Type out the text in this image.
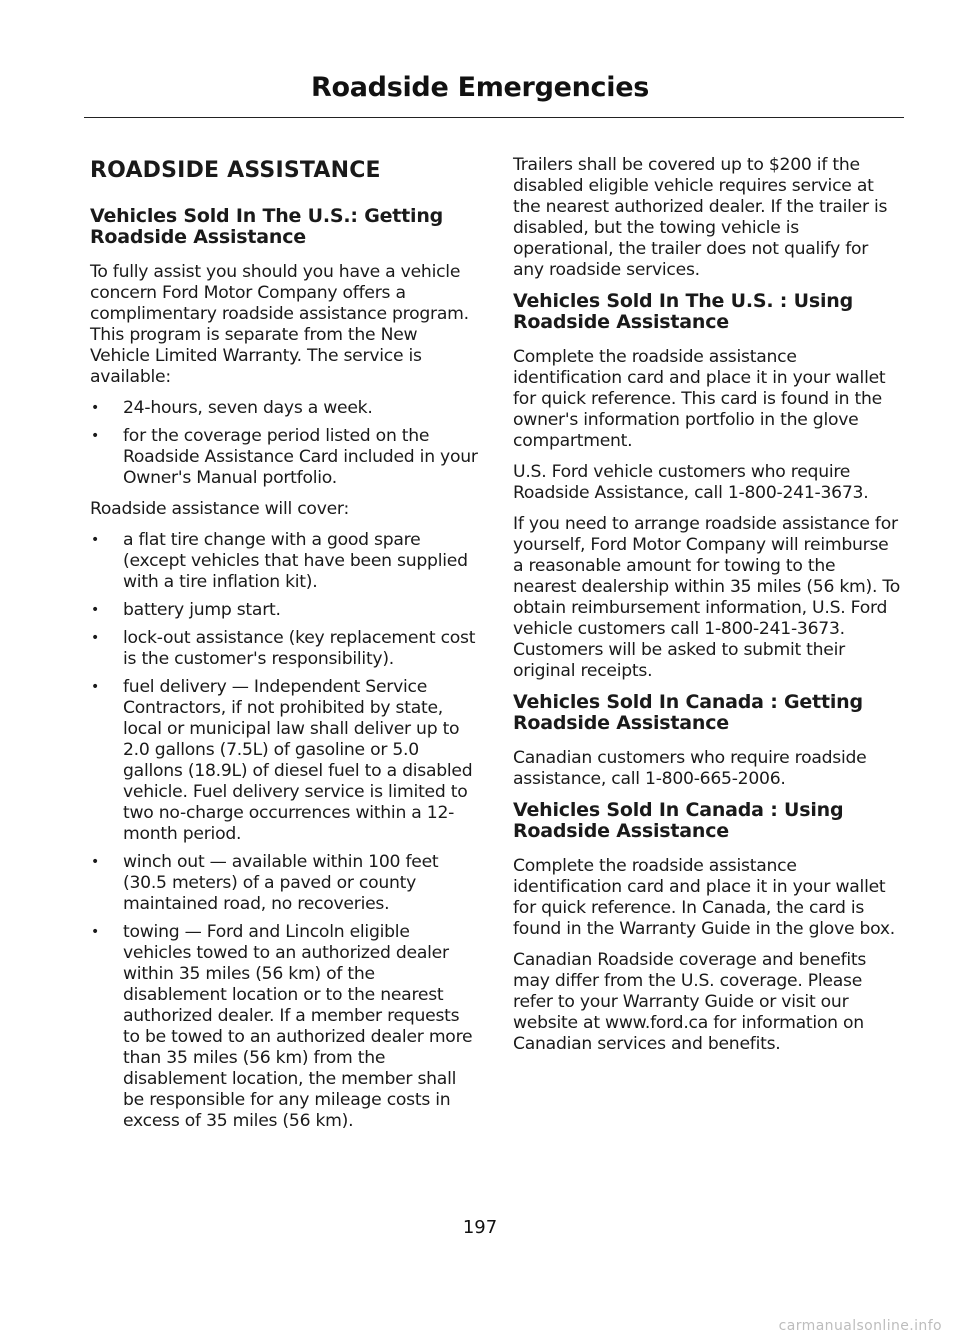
Roadside Emergencies
ROADSIDE ASSISTANCE
Vehicles Sold In The U.S.: Getting Roadside Assistance

To fully assist you should you have a vehicle concern Ford Motor Company offers a complimentary roadside assistance program. This program is separate from the New Vehicle Limited Warranty. The service is available:

• 24-hours, seven days a week.
• for the coverage period listed on the Roadside Assistance Card included in your Owner's Manual portfolio.

Roadside assistance will cover:

• a flat tire change with a good spare (except vehicles that have been supplied with a tire inflation kit).
• battery jump start.
• lock-out assistance (key replacement cost is the customer's responsibility).
• fuel delivery — Independent Service Contractors, if not prohibited by state, local or municipal law shall deliver up to 2.0 gallons (7.5L) of gasoline or 5.0 gallons (18.9L) of diesel fuel to a disabled vehicle. Fuel delivery service is limited to two no-charge occurrences within a 12-month period.
• winch out — available within 100 feet (30.5 meters) of a paved or county maintained road, no recoveries.
• towing — Ford and Lincoln eligible vehicles towed to an authorized dealer within 35 miles (56 km) of the disablement location or to the nearest authorized dealer. If a member requests to be towed to an authorized dealer more than 35 miles (56 km) from the disablement location, the member shall be responsible for any mileage costs in excess of 35 miles (56 km).

Trailers shall be covered up to $200 if the disabled eligible vehicle requires service at the nearest authorized dealer. If the trailer is disabled, but the towing vehicle is operational, the trailer does not qualify for any roadside services.

Vehicles Sold In The U.S. : Using Roadside Assistance

Complete the roadside assistance identification card and place it in your wallet for quick reference. This card is found in the owner's information portfolio in the glove compartment.

U.S. Ford vehicle customers who require Roadside Assistance, call 1-800-241-3673.

If you need to arrange roadside assistance for yourself, Ford Motor Company will reimburse a reasonable amount for towing to the nearest dealership within 35 miles (56 km). To obtain reimbursement information, U.S. Ford vehicle customers call 1-800-241-3673. Customers will be asked to submit their original receipts.

Vehicles Sold In Canada : Getting Roadside Assistance

Canadian customers who require roadside assistance, call 1-800-665-2006.

Vehicles Sold In Canada : Using Roadside Assistance

Complete the roadside assistance identification card and place it in your wallet for quick reference. In Canada, the card is found in the Warranty Guide in the glove box.

Canadian Roadside coverage and benefits may differ from the U.S. coverage. Please refer to your Warranty Guide or visit our website at www.ford.ca for information on Canadian services and benefits.

197
carmanualsonline.info
